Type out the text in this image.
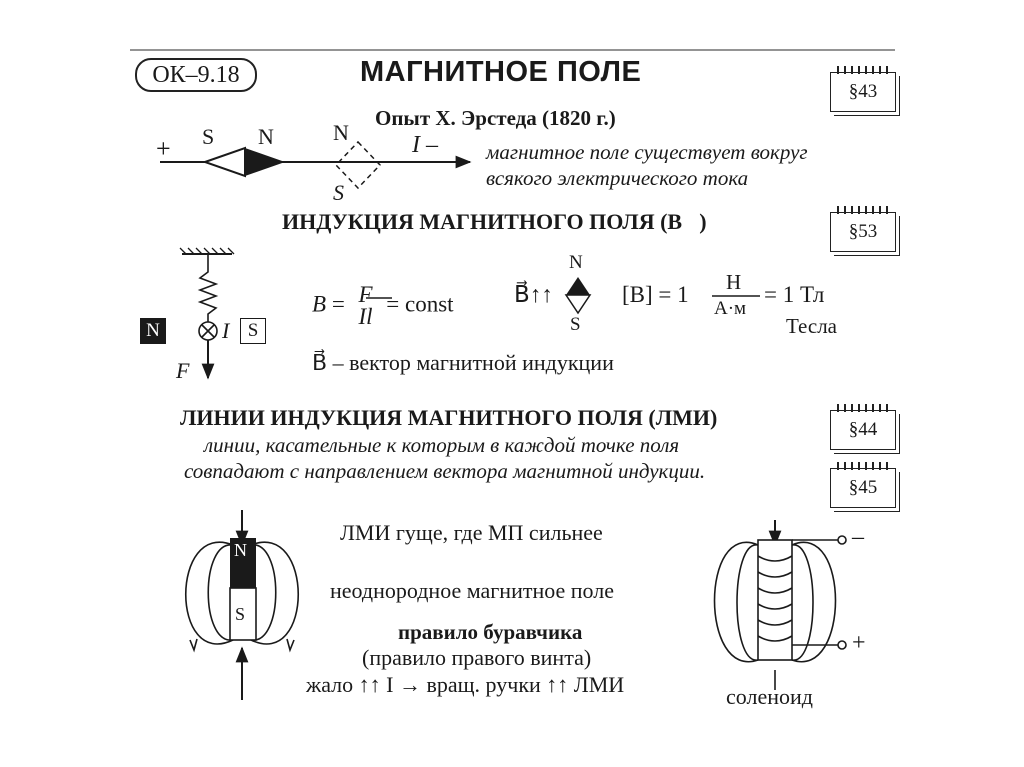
ОК–9.18	МАГНИТНОЕ ПОЛЕ
§43
§53
§44
§45
Опыт Х. Эрстеда (1820 г.)
+ S N	N
S
I – магнитное поле существует вокруг
всякого электрического тока
ИНДУКЦИЯ МАГНИТНОГО ПОЛЯ (B⃗)
N	I S
F⃗
B = F
Il
= const	B⃗↑↑
N
S
[B] = 1 Н
А·м
= 1 Тл
Тесла
B⃗ – вектор магнитной индукции
ЛИНИИ ИНДУКЦИЯ МАГНИТНОГО ПОЛЯ (ЛМИ)
линии, касательные к которым в каждой точке поля
совпадают с направлением вектора магнитной индукции.
N
S
ЛМИ гуще, где МП сильнее
неоднородное магнитное поле
правило буравчика
(правило правого винта)
жало ↑↑ I → вращ. ручки ↑↑ ЛМИ
–
+
соленоид
